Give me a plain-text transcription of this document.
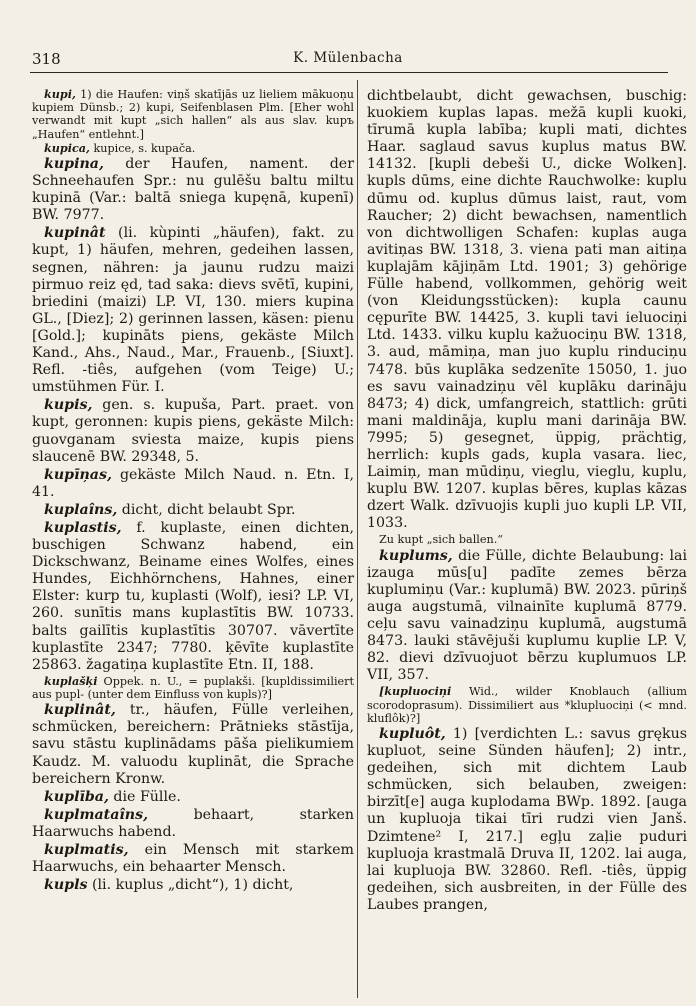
318	K. Mülenbacha

kupi, 1) die Haufen: viņš skatījās uz lieliem mākuoņu kupiem Dünsb.; 2) kupi, Seifenblasen Plm. [Eher wohl verwandt mit kupt „sich hallen“ als aus slav. kupъ „Haufen“ entlehnt.]

kupica, kupice, s. kupača.

kupina, der Haufen, nament. der Schneehaufen Spr.: nu gulēšu baltu miltu kupinā (Var.: baltā sniega kupęnā, kupenī) BW. 7977.

kupinât (li. kùpinti „häufen), fakt. zu kupt, 1) häufen, mehren, gedeihen lassen, segnen, nähren: ja jaunu rudzu maizi pirmuo reiz ęd, tad saka: dievs svētī, kupini, briedini (maizi) LP. VI, 130. miers kupina GL., [Diez]; 2) gerinnen lassen, käsen: pienu [Gold.]; kupināts piens, gekäste Milch Kand., Ahs., Naud., Mar., Frauenb., [Siuxt]. Refl. -tiês, aufgehen (vom Teige) U.; umstühmen Für. I.

kupis, gen. s. kupuša, Part. praet. von kupt, geronnen: kupis piens, gekäste Milch: guovganam sviesta maize, kupis piens slaucenē BW. 29348, 5.

kupīņas, gekäste Milch Naud. n. Etn. I, 41.

kuplaîns, dicht, dicht belaubt Spr.

kuplastis, f. kuplaste, einen dichten, buschigen Schwanz habend, ein Dickschwanz, Beiname eines Wolfes, eines Hundes, Eichhörnchens, Hahnes, einer Elster: kurp tu, kuplasti (Wolf), iesi? LP. VI, 260. sunītis mans kuplastītis BW. 10733. balts gailītis kuplastītis 30707. vāvertīte kuplastīte 2347; 7780. ķēvīte kuplastīte 25863. žagatiņa kuplastīte Etn. II, 188.

kuplašķi Oppek. n. U., = puplakši. [kupldissimiliert aus pupl- (unter dem Einfluss von kupls)?]

kuplinât, tr., häufen, Fülle verleihen, schmücken, bereichern: Prātnieks stāstīja, savu stāstu kuplinādams pāša pielikumiem Kaudz. M. valuodu kuplināt, die Sprache bereichern Kronw.

kuplība, die Fülle.

kuplmataîns, behaart, starken Haarwuchs habend.

kuplmatis, ein Mensch mit starkem Haarwuchs, ein behaarter Mensch.

kupls (li. kuplus „dicht“), 1) dicht,

dichtbelaubt, dicht gewachsen, buschig: kuokiem kuplas lapas. mežā kupli kuoki, tīrumā kupla labība; kupli mati, dichtes Haar. saglaud savus kuplus matus BW. 14132. [kupli debeši U., dicke Wolken]. kupls dūms, eine dichte Rauchwolke: kuplu dūmu od. kuplus dūmus laist, raut, vom Raucher; 2) dicht bewachsen, namentlich von dichtwolligen Schafen: kuplas auga avitiņas BW. 1318, 3. viena pati man aitiņa kuplajām kājiņām Ltd. 1901; 3) gehörige Fülle habend, vollkommen, gehörig weit (von Kleidungsstücken): kupla caunu cępurīte BW. 14425, 3. kupli tavi ieluociņi Ltd. 1433. vilku kuplu kažuociņu BW. 1318, 3. aud, māmiņa, man juo kuplu rinduciņu 7478. būs kuplāka sedzenīte 15050, 1. juo es savu vainadziņu vēl kuplāku darināju 8473; 4) dick, umfangreich, stattlich: grūti mani maldināja, kuplu mani darināja BW. 7995; 5) gesegnet, üppig, prächtig, herrlich: kupls gads, kupla vasara. liec, Laimiņ, man mūdiņu, vieglu, vieglu, kuplu, kuplu BW. 1207. kuplas bēres, kuplas kāzas dzert Walk. dzīvuojis kupli juo kupli LP. VII, 1033.

Zu kupt „sich ballen.“

kuplums, die Fülle, dichte Belaubung: lai izauga mūs[u] padīte zemes bērza kuplumiņu (Var.: kuplumā) BW. 2023. pūriņš auga augstumā, vilnainīte kuplumā 8779. ceļu savu vainadziņu kuplumā, augstumā 8473. lauki stāvējuši kuplumu kuplie LP. V, 82. dievi dzīvuojuot bērzu kuplumuos LP. VII, 357.

[kupluociņi Wid., wilder Knoblauch (allium scorodoprasum). Dissimiliert aus *klupluociņi (< mnd. kluflôk)?]

kupluôt, 1) [verdichten L.: savus grękus kupluot, seine Sünden häufen]; 2) intr., gedeihen, sich mit dichtem Laub schmücken, sich belauben, zweigen: birzīt[e] auga kuplodama BWp. 1892. [auga un kupluoja tikai tīri rudzi vien Janš. Dzimtene² I, 217.] egļu zaļie puduri kupluoja krastmalā Druva II, 1202. lai auga, lai kupluoja BW. 32860. Refl. -tiês, üppig gedeihen, sich ausbreiten, in der Fülle des Laubes prangen,
